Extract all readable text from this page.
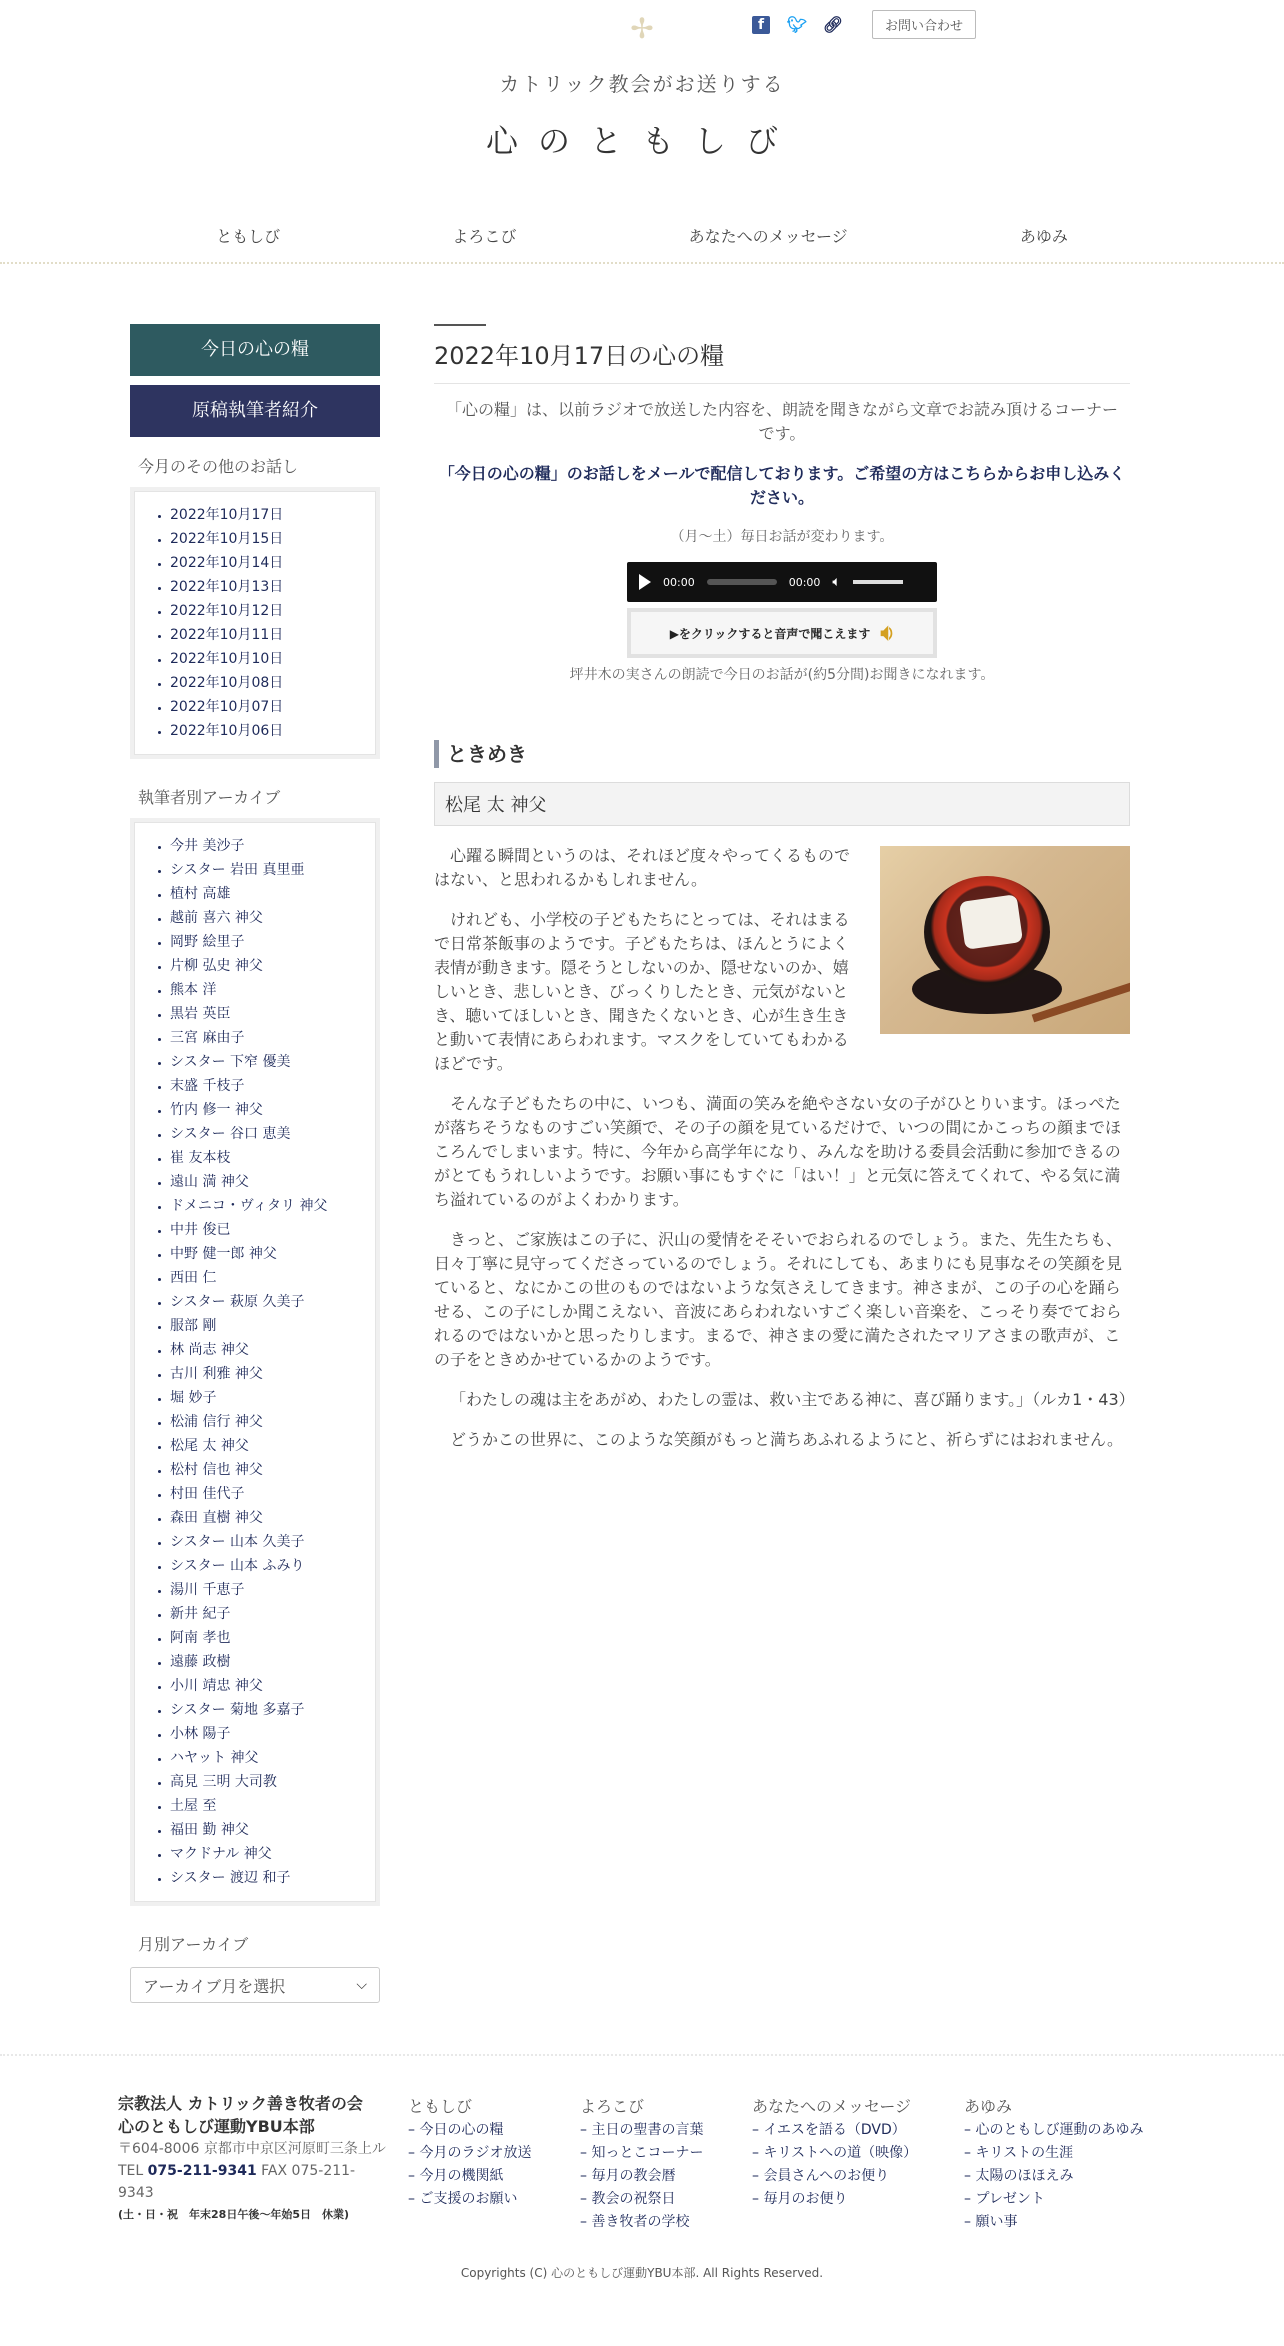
✢	f	🐦︎ 🔗︎	お問い合わせ
カトリック教会がお送りする
心のともしび
ともしび	よろこび	あなたへのメッセージ	あゆみ
今日の心の糧
原稿執筆者紹介
今月のその他のお話し
• 2022年10月17日
• 2022年10月15日
• 2022年10月14日
• 2022年10月13日
• 2022年10月12日
• 2022年10月11日
• 2022年10月10日
• 2022年10月08日
• 2022年10月07日
• 2022年10月06日
執筆者別アーカイブ
• 今井 美沙子
• シスター 岩田 真里亜
• 植村 高雄
• 越前 喜六 神父
• 岡野 絵里子
• 片柳 弘史 神父
• 熊本 洋
• 黒岩 英臣
• 三宮 麻由子
• シスター 下窄 優美
• 末盛 千枝子
• 竹内 修一 神父
• シスター 谷口 恵美
• 崔 友本枝
• 遠山 満 神父
• ドメニコ・ヴィタリ 神父
• 中井 俊已
• 中野 健一郎 神父
• 西田 仁
• シスター 萩原 久美子
• 服部 剛
• 林 尚志 神父
• 古川 利雅 神父
• 堀 妙子
• 松浦 信行 神父
• 松尾 太 神父
• 松村 信也 神父
• 村田 佳代子
• 森田 直樹 神父
• シスター 山本 久美子
• シスター 山本 ふみり
• 湯川 千恵子
• 新井 紀子
• 阿南 孝也
• 遠藤 政樹
• 小川 靖忠 神父
• シスター 菊地 多嘉子
• 小林 陽子
• ハヤット 神父
• 高見 三明 大司教
• 土屋 至
• 福田 勤 神父
• マクドナル 神父
• シスター 渡辺 和子
月別アーカイブ
アーカイブ月を選択	⌵
2022年10月17日の心の糧

「心の糧」は、以前ラジオで放送した内容を、朗読を聞きながら文章でお読み頂けるコーナーです。

「今日の心の糧」のお話しをメールで配信しております。ご希望の方はこちらからお申し込みください。

（月～土）毎日お話が変わります。

00:00	00:00 🔈︎
▶をクリックすると音声で聞こえます 🔉︎

坪井木の実さんの朗読で今日のお話が(約5分間)お聞きになれます。

ときめき
松尾 太 神父

心躍る瞬間というのは、それほど度々やってくるものではない、と思われるかもしれません。

けれども、小学校の子どもたちにとっては、それはまるで日常茶飯事のようです。子どもたちは、ほんとうによく表情が動きます。隠そうとしないのか、隠せないのか、嬉しいとき、悲しいとき、びっくりしたとき、元気がないとき、聴いてほしいとき、聞きたくないとき、心が生き生きと動いて表情にあらわれます。マスクをしていてもわかるほどです。

そんな子どもたちの中に、いつも、満面の笑みを絶やさない女の子がひとりいます。ほっぺたが落ちそうなものすごい笑顔で、その子の顔を見ているだけで、いつの間にかこっちの顔までほころんでしまいます。特に、今年から高学年になり、みんなを助ける委員会活動に参加できるのがとてもうれしいようです。お願い事にもすぐに「はい！」と元気に答えてくれて、やる気に満ち溢れているのがよくわかります。

きっと、ご家族はこの子に、沢山の愛情をそそいでおられるのでしょう。また、先生たちも、日々丁寧に見守ってくださっているのでしょう。それにしても、あまりにも見事なその笑顔を見ていると、なにかこの世のものではないような気さえしてきます。神さまが、この子の心を踊らせる、この子にしか聞こえない、音波にあらわれないすごく楽しい音楽を、こっそり奏でておられるのではないかと思ったりします。まるで、神さまの愛に満たされたマリアさまの歌声が、この子をときめかせているかのようです。

「わたしの魂は主をあがめ、わたしの霊は、救い主である神に、喜び踊ります。」（ルカ1・43）

どうかこの世界に、このような笑顔がもっと満ちあふれるようにと、祈らずにはおれません。

宗教法人 カトリック善き牧者の会
心のともしび運動YBU本部
〒604-8006 京都市中京区河原町三条上ル
TEL 075-211-9341 FAX 075-211-9343
(土・日・祝　年末28日午後〜年始5日　休業)
ともしび
– 今日の心の糧
– 今月のラジオ放送
– 今月の機関紙
– ご支援のお願い
よろこび
– 主日の聖書の言葉
– 知っとこコーナー
– 毎月の教会暦
– 教会の祝祭日
– 善き牧者の学校
あなたへのメッセージ
– イエスを語る（DVD）
– キリストへの道（映像）
– 会員さんへのお便り
– 毎月のお便り
あゆみ
– 心のともしび運動のあゆみ
– キリストの生涯
– 太陽のほほえみ
– プレゼント
– 願い事
Copyrights (C) 心のともしび運動YBU本部. All Rights Reserved.
